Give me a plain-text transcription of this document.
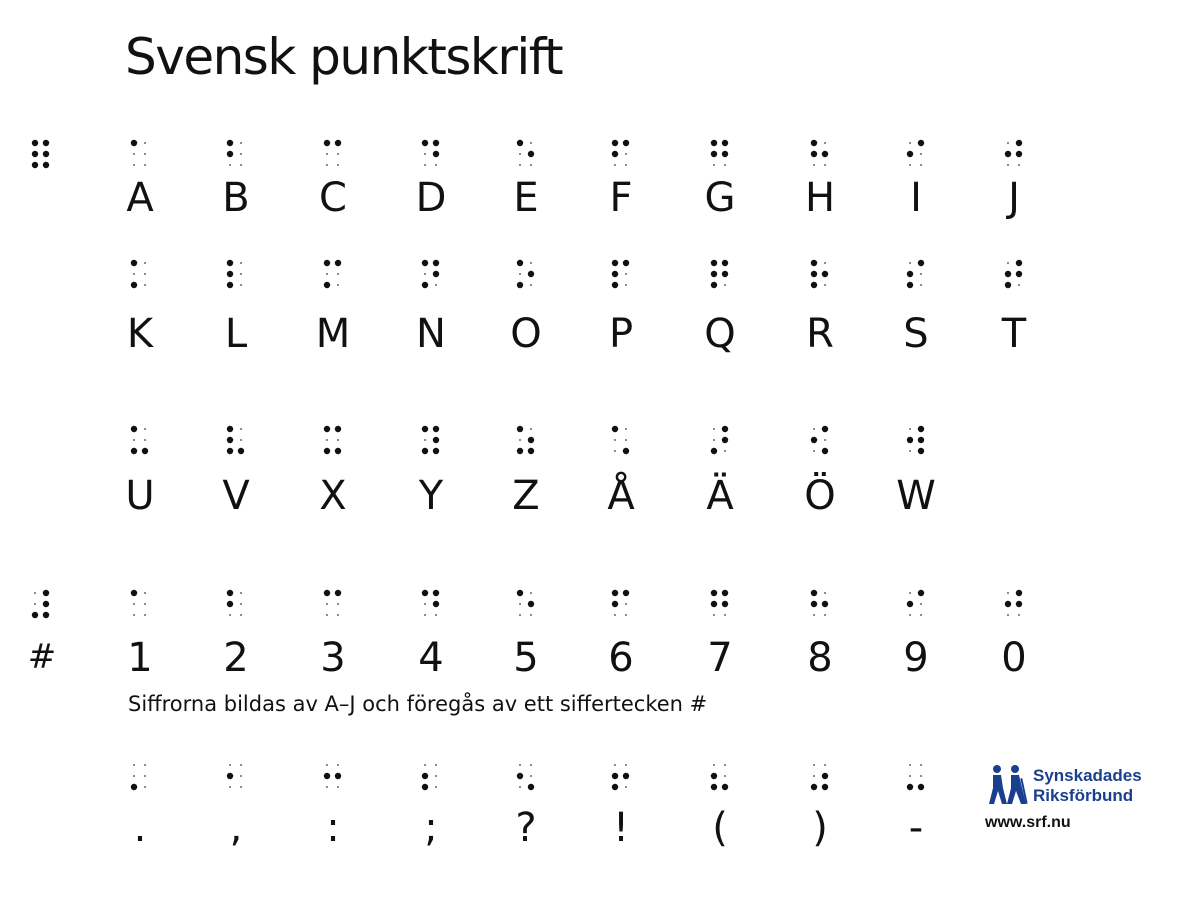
Svensk punktskrift
A	B	C	D	E	F	G	H	I	J
K	L	M	N	O	P	Q	R	S	T
U	V	X	Y	Z	Å	Ä	Ö	W
1	2	3	4	5	6	7	8	9	0
.	,	:	;	?	!	(	)	-
#
Siffrorna bildas av A–J och föregås av ett siffertecken #
Synskadades
Riksförbund
www.srf.nu
